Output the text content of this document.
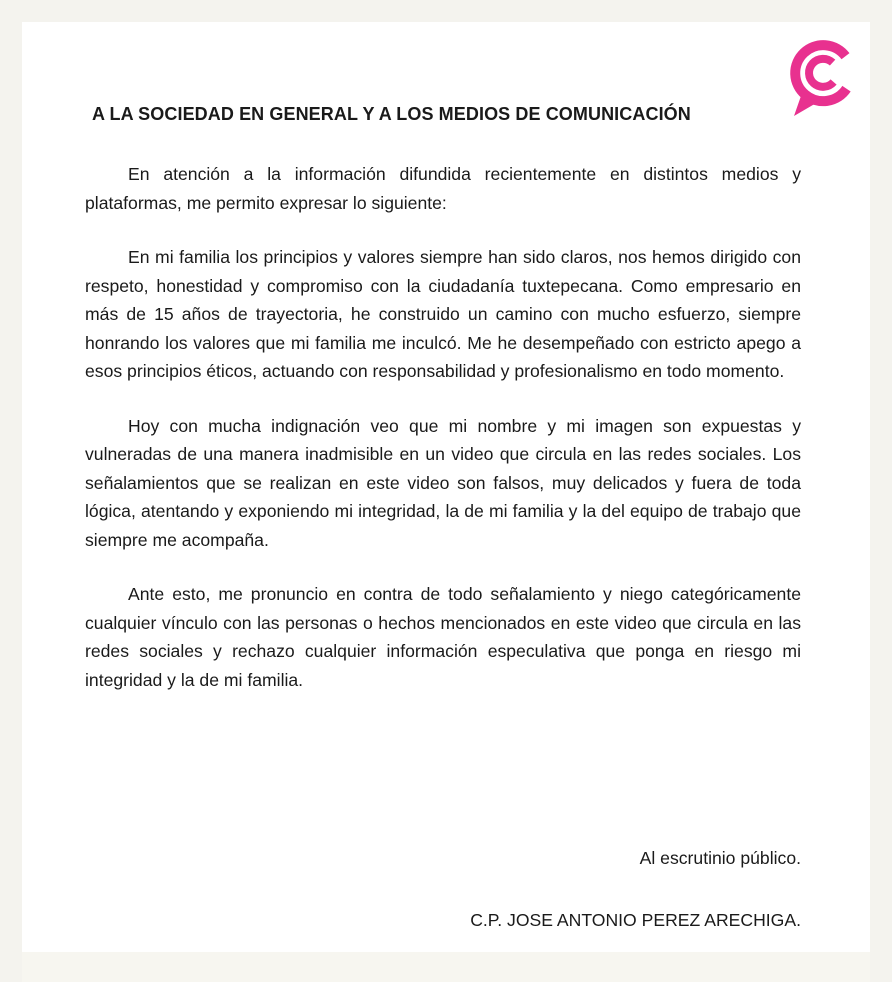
A LA SOCIEDAD EN GENERAL Y A LOS MEDIOS DE COMUNICACIÓN

En atención a la información difundida recientemente en distintos medios y plataformas, me permito expresar lo siguiente:

En mi familia los principios y valores siempre han sido claros, nos hemos dirigido con respeto, honestidad y compromiso con la ciudadanía tuxtepecana. Como empresario en más de 15 años de trayectoria, he construido un camino con mucho esfuerzo, siempre honrando los valores que mi familia me inculcó. Me he desempeñado con estricto apego a esos principios éticos, actuando con responsabilidad y profesionalismo en todo momento.

Hoy con mucha indignación veo que mi nombre y mi imagen son expuestas y vulneradas de una manera inadmisible en un video que circula en las redes sociales. Los señalamientos que se realizan en este video son falsos, muy delicados y fuera de toda lógica, atentando y exponiendo mi integridad, la de mi familia y la del equipo de trabajo que siempre me acompaña.

Ante esto, me pronuncio en contra de todo señalamiento y niego categóricamente cualquier vínculo con las personas o hechos mencionados en este video que circula en las redes sociales y rechazo cualquier información especulativa que ponga en riesgo mi integridad y la de mi familia.

Al escrutinio público.
C.P. JOSE ANTONIO PEREZ ARECHIGA.
